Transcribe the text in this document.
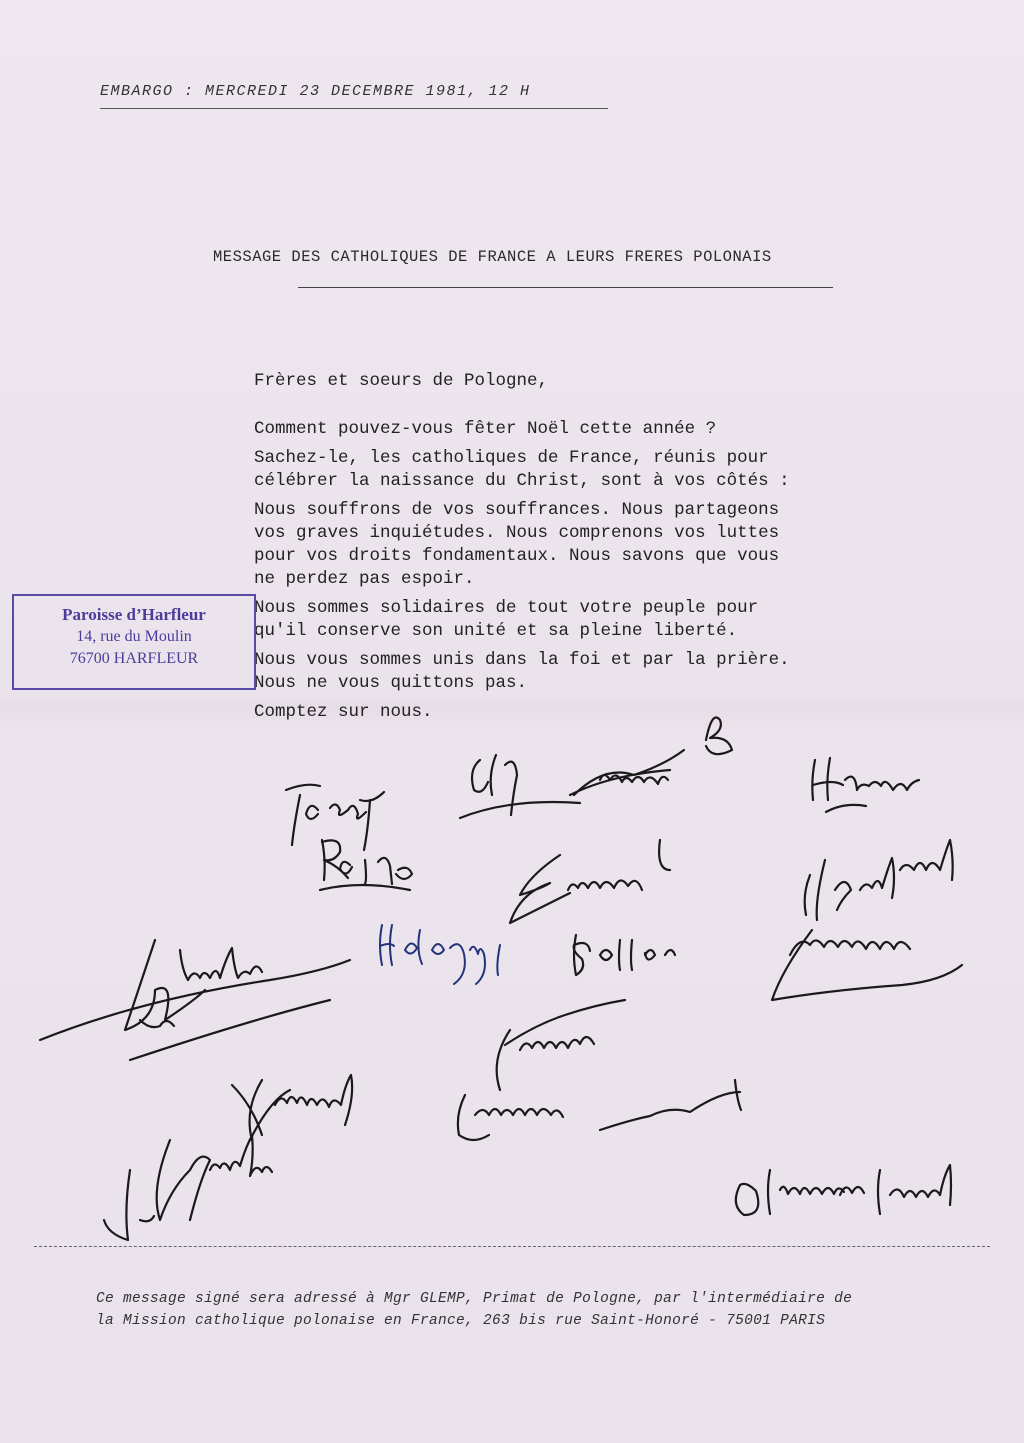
EMBARGO : MERCREDI 23 DECEMBRE 1981, 12 H
MESSAGE DES CATHOLIQUES DE FRANCE A LEURS FRERES POLONAIS

Frères et soeurs de Pologne,

Comment pouvez-vous fêter Noël cette année ?

Sachez-le, les catholiques de France, réunis pour

célébrer la naissance du Christ, sont à vos côtés :

Nous souffrons de vos souffrances. Nous partageons

vos graves inquiétudes. Nous comprenons vos luttes

pour vos droits fondamentaux. Nous savons que vous

ne perdez pas espoir.

Nous sommes solidaires de tout votre peuple pour

qu'il conserve son unité et sa pleine liberté.

Nous vous sommes unis dans la foi et par la prière.

Nous ne vous quittons pas.

Comptez sur nous.

Paroisse d’Harfleur
14, rue du Moulin
76700 HARFLEUR

Ce message signé sera adressé à Mgr GLEMP, Primat de Pologne, par l'intermédiaire de

la Mission catholique polonaise en France, 263 bis rue Saint-Honoré - 75001 PARIS
